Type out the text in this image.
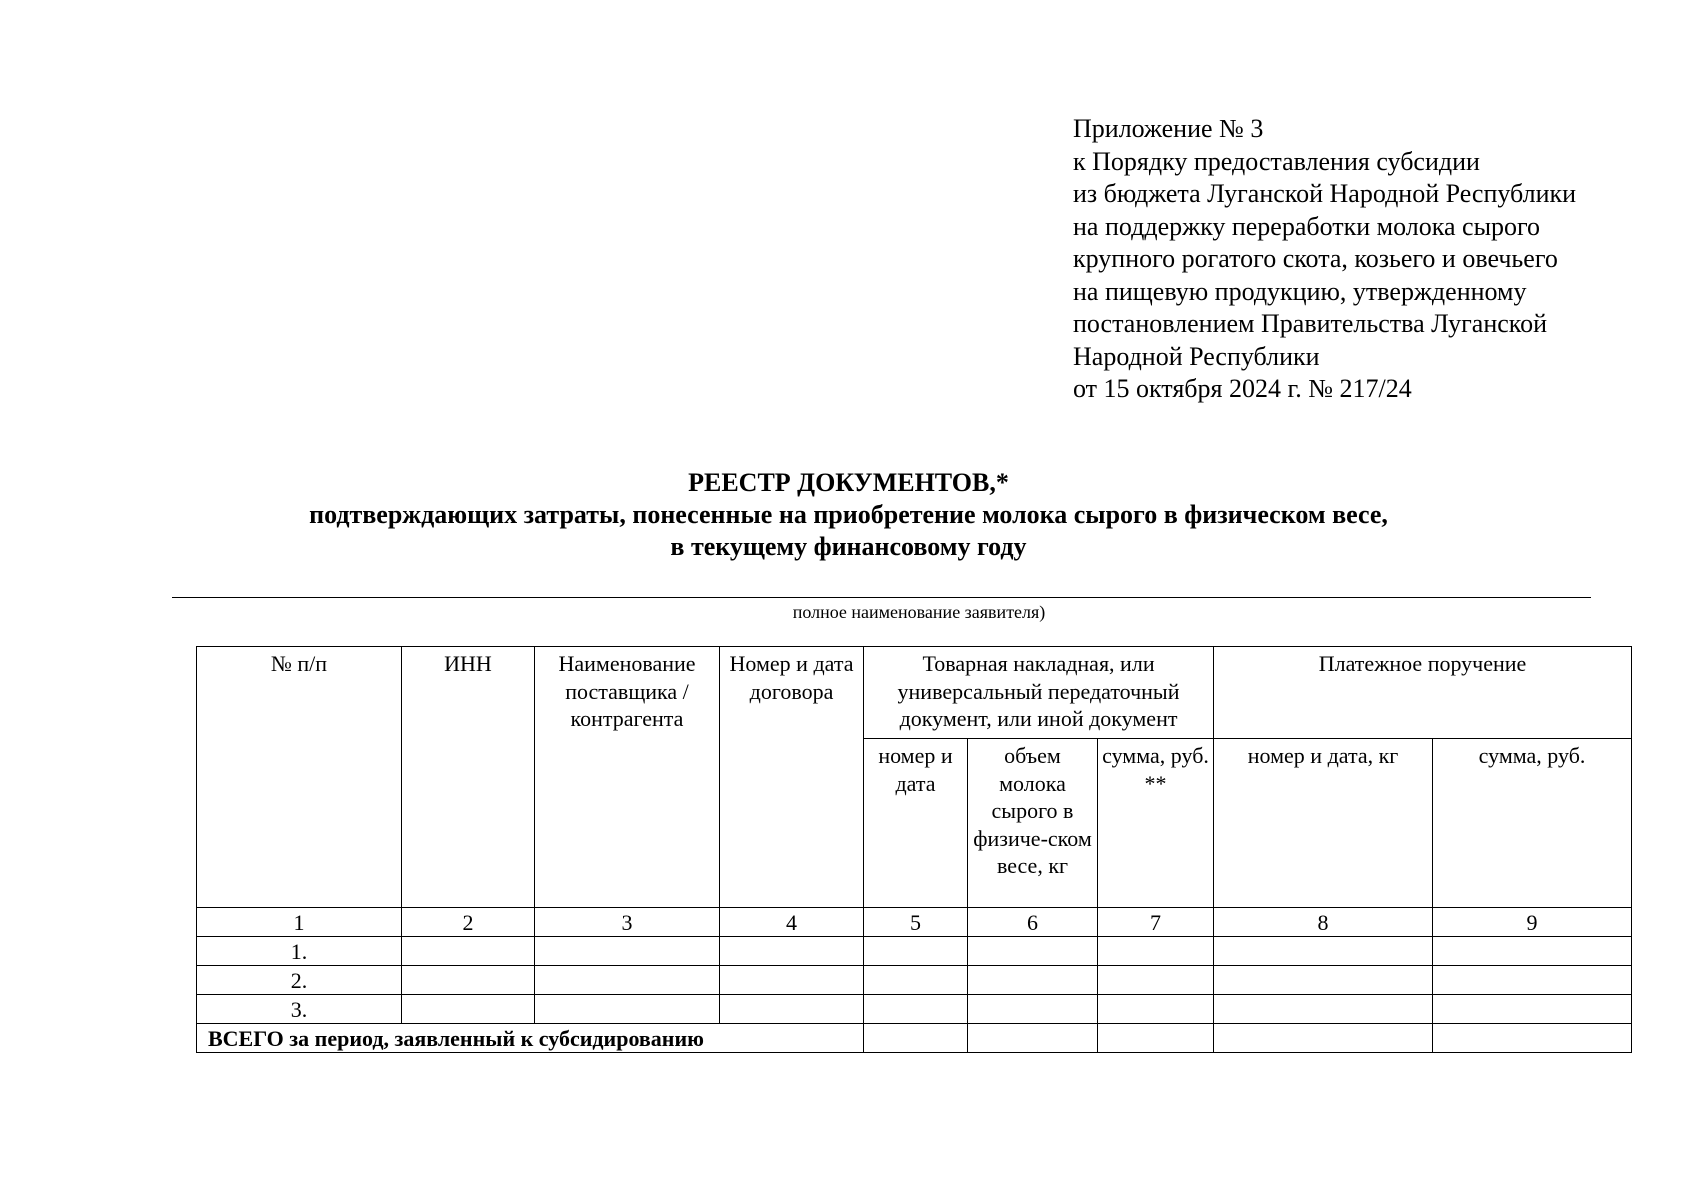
Приложение № 3
к Порядку предоставления субсидии
из бюджета Луганской Народной Республики
на поддержку переработки молока сырого
крупного рогатого скота, козьего и овечьего
на пищевую продукцию, утвержденному
постановлением Правительства Луганской
Народной Республики
от 15 октября 2024 г. № 217/24
РЕЕСТР ДОКУМЕНТОВ,*
подтверждающих затраты, понесенные на приобретение молока сырого в физическом весе,
в текущему финансовому году
полное наименование заявителя)
№ п/п	ИНН	Наименование поставщика / контрагента	Номер и дата договора	Товарная накладная, или универсальный передаточный документ, или иной документ			Платежное поручение	
				номер и дата	объем молока сырого в физиче-ском весе, кг	сумма, руб. **	номер и дата, кг	сумма, руб.
1	2	3	4	5	6	7	8	9
1.								
2.								
3.								
ВСЕГО за период, заявленный к субсидированию								
